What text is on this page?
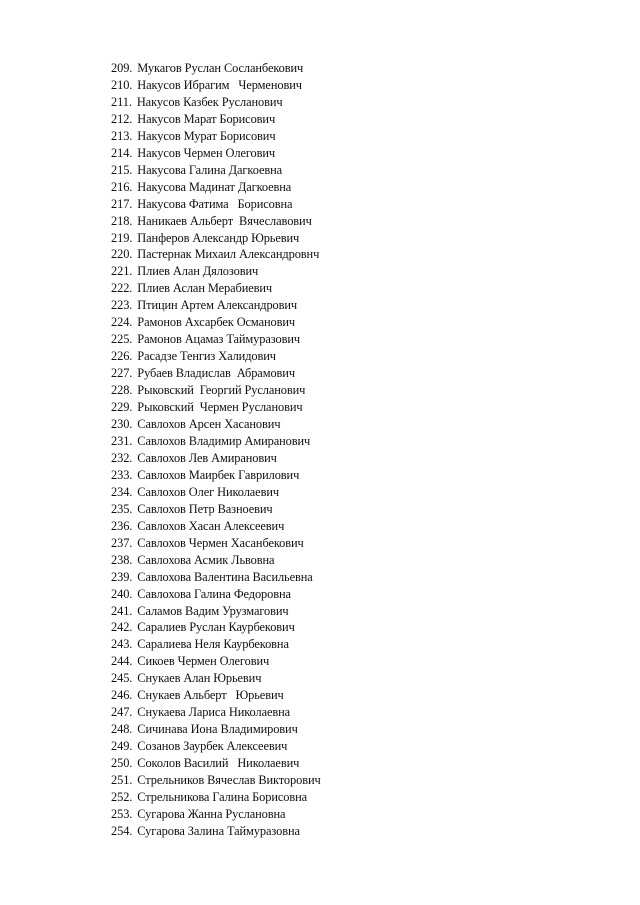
209. Мукагов Руслан Сосланбекович
210. Накусов Ибрагим   Черменович
211. Накусов Казбек Русланович
212. Накусов Марат Борисович
213. Накусов Мурат Борисович
214. Накусов Чермен Олегович
215. Накусова Галина Дагкоевна
216. Накусова Мадинат Дагкоевна
217. Накусова Фатима   Борисовна
218. Наникаев Альберт  Вячеславович
219. Панферов Александр Юрьевич
220. Пастернак Михаил Александровнч
221. Плиев Алан Дялозович
222. Плиев Аслан Мерабиевич
223. Птицин Артем Александрович
224. Рамонов Ахсарбек Османович
225. Рамонов Ацамаз Таймуразович
226. Расадзе Тенгиз Халидович
227. Рубаев Владислав  Абрамович
228. Рыковский  Георгий Русланович
229. Рыковский  Чермен Русланович
230. Савлохов Арсен Хасанович
231. Савлохов Владимир Амиранович
232. Савлохов Лев Амиранович
233. Савлохов Маирбек Гаврилович
234. Савлохов Олег Николаевич
235. Савлохов Петр Вазноевич
236. Савлохов Хасан Алексеевич
237. Савлохов Чермен Хасанбекович
238. Савлохова Асмик Львовна
239. Савлохова Валентина Васильевна
240. Савлохова Галина Федоровна
241. Саламов Вадим Урузмагович
242. Саралиев Руслан Каурбекович
243. Саралиева Неля Каурбековна
244. Сикоев Чермен Олегович
245. Снукаев Алан Юрьевич
246. Снукаев Альберт   Юрьевич
247. Снукаева Лариса Николаевна
248. Сичинава Иона Владимирович
249. Созанов Заурбек Алексеевич
250. Соколов Василий   Николаевич
251. Стрельников Вячеслав Викторович
252. Стрельникова Галина Борисовна
253. Сугарова Жанна Руслановна
254. Сугарова Залина Таймуразовна
